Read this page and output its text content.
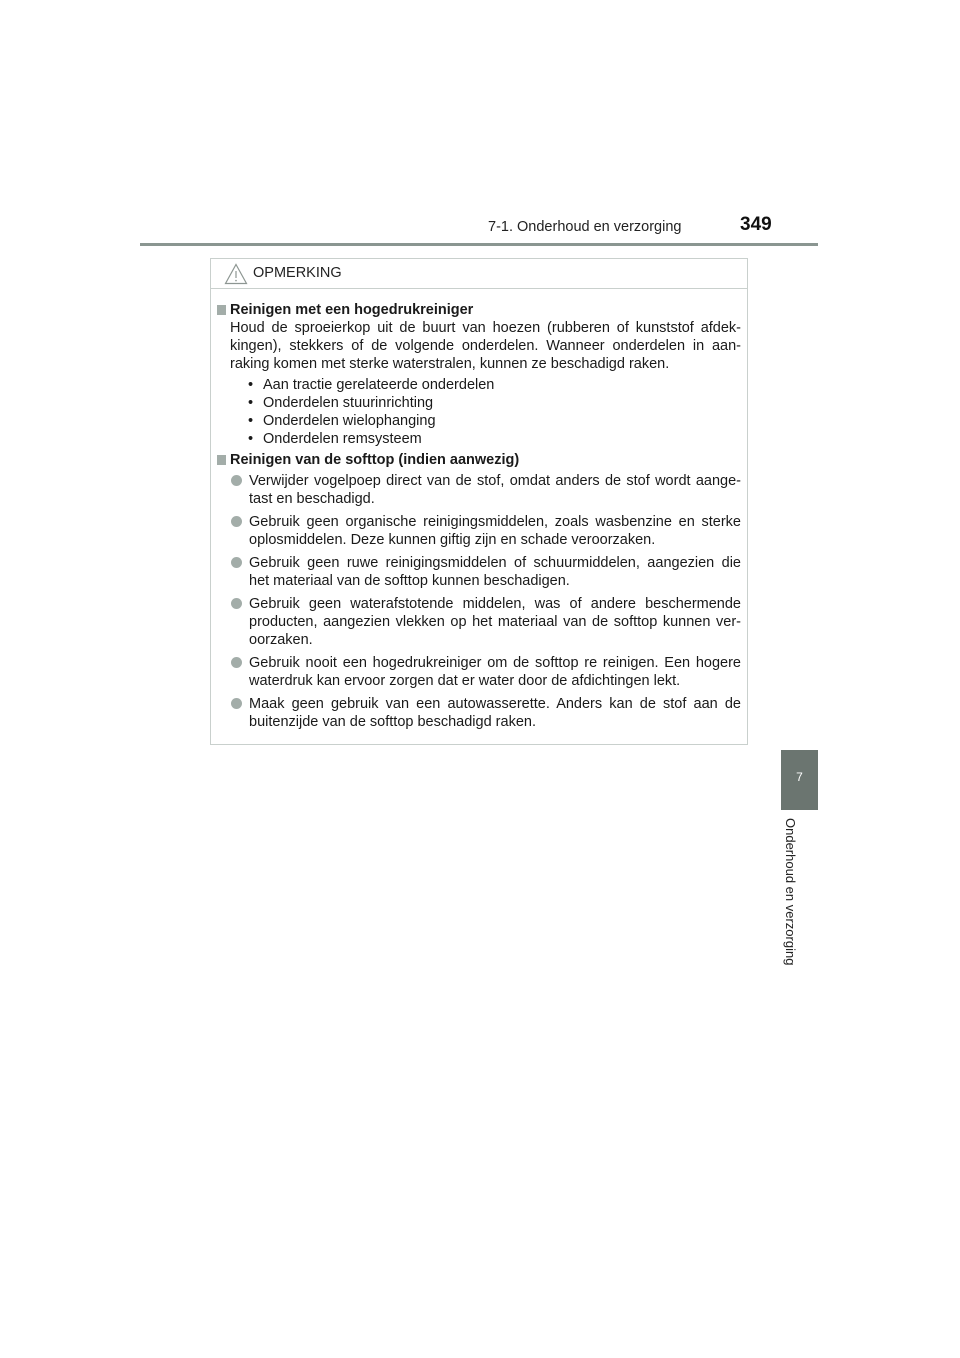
7-1. Onderhoud en verzorging	349
7
Onderhoud en verzorging
OPMERKING
Reinigen met een hogedrukreiniger
Houd de sproeierkop uit de buurt van hoezen (rubberen of kunststof afdek-kingen), stekkers of de volgende onderdelen. Wanneer onderdelen in aan-raking komen met sterke waterstralen, kunnen ze beschadigd raken.
• Aan tractie gerelateerde onderdelen
• Onderdelen stuurinrichting
• Onderdelen wielophanging
• Onderdelen remsysteem
Reinigen van de softtop (indien aanwezig)
Verwijder vogelpoep direct van de stof, omdat anders de stof wordt aange-tast en beschadigd.
Gebruik geen organische reinigingsmiddelen, zoals wasbenzine en sterke oplosmiddelen. Deze kunnen giftig zijn en schade veroorzaken.
Gebruik geen ruwe reinigingsmiddelen of schuurmiddelen, aangezien die het materiaal van de softtop kunnen beschadigen.
Gebruik geen waterafstotende middelen, was of andere beschermende producten, aangezien vlekken op het materiaal van de softtop kunnen ver-oorzaken.
Gebruik nooit een hogedrukreiniger om de softtop re reinigen. Een hogere waterdruk kan ervoor zorgen dat er water door de afdichtingen lekt.
Maak geen gebruik van een autowasserette. Anders kan de stof aan de buitenzijde van de softtop beschadigd raken.
